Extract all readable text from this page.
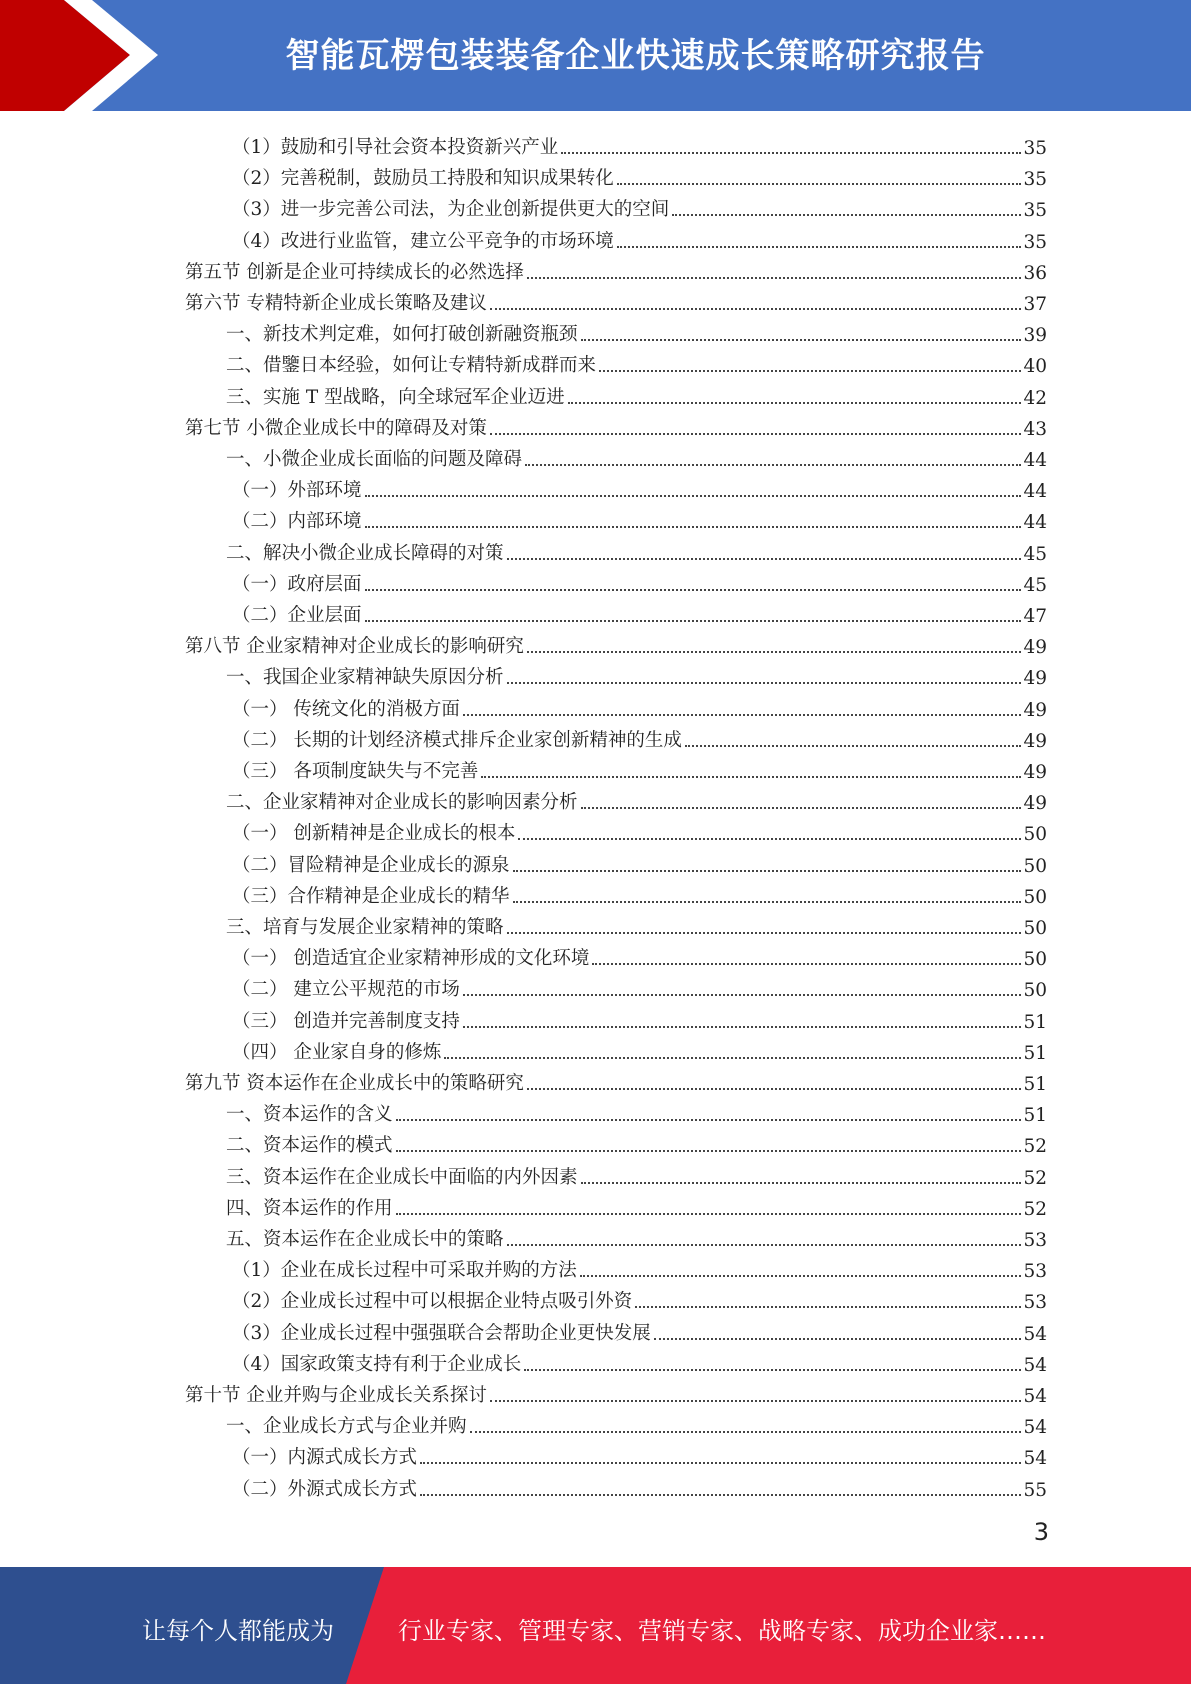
智能瓦楞包装装备企业快速成长策略研究报告
（1）鼓励和引导社会资本投资新兴产业	35
（2）完善税制，鼓励员工持股和知识成果转化	35
（3）进一步完善公司法，为企业创新提供更大的空间	35
（4）改进行业监管，建立公平竞争的市场环境	35
第五节 创新是企业可持续成长的必然选择	36
第六节 专精特新企业成长策略及建议	37
一、新技术判定难，如何打破创新融资瓶颈	39
二、借鑒日本经验，如何让专精特新成群而来	40
三、实施 T 型战略，向全球冠军企业迈进	42
第七节 小微企业成长中的障碍及对策	43
一、小微企业成长面临的问题及障碍	44
（一）外部环境	44
（二）内部环境	44
二、解决小微企业成长障碍的对策	45
（一）政府层面	45
（二）企业层面	47
第八节 企业家精神对企业成长的影响研究	49
一、我国企业家精神缺失原因分析	49
（一） 传统文化的消极方面	49
（二） 长期的计划经济模式排斥企业家创新精神的生成	49
（三） 各项制度缺失与不完善	49
二、企业家精神对企业成长的影响因素分析	49
（一） 创新精神是企业成长的根本	50
（二）冒险精神是企业成长的源泉	50
（三）合作精神是企业成长的精华	50
三、培育与发展企业家精神的策略	50
（一） 创造适宜企业家精神形成的文化环境	50
（二） 建立公平规范的市场	50
（三） 创造并完善制度支持	51
（四） 企业家自身的修炼	51
第九节 资本运作在企业成长中的策略研究	51
一、资本运作的含义	51
二、资本运作的模式	52
三、资本运作在企业成长中面临的内外因素	52
四、资本运作的作用	52
五、资本运作在企业成长中的策略	53
（1）企业在成长过程中可采取并购的方法	53
（2）企业成长过程中可以根据企业特点吸引外资	53
（3）企业成长过程中强强联合会帮助企业更快发展	54
（4）国家政策支持有利于企业成长	54
第十节 企业并购与企业成长关系探讨	54
一、企业成长方式与企业并购	54
（一）内源式成长方式	54
（二）外源式成长方式	55
3
让每个人都能成为	行业专家、管理专家、营销专家、战略专家、成功企业家……
